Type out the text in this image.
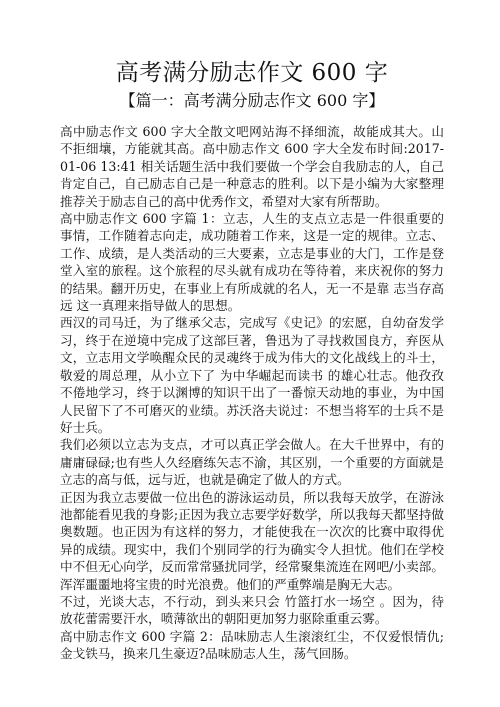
高考满分励志作文 600 字
【篇一：高考满分励志作文 600 字】

高中励志作文 600 字大全散文吧网站海不择细流，故能成其大。山不拒细壤，方能就其高。高中励志作文 600 字大全发布时间:2017-01-06 13:41 相关话题生活中我们要做一个学会自我励志的人，自己肯定自己，自己励志自己是一种意志的胜利。以下是小编为大家整理推荐关于励志自己的高中优秀作文，希望对大家有所帮助。

高中励志作文 600 字篇 1：立志，人生的支点立志是一件很重要的事情，工作随着志向走，成功随着工作来，这是一定的规律。立志、工作、成绩，是人类活动的三大要素，立志是事业的大门，工作是登堂入室的旅程。这个旅程的尽头就有成功在等待着，来庆祝你的努力的结果。翻开历史，在事业上有所成就的名人，无一不是靠 志当存高远 这一真理来指导做人的思想。

西汉的司马迁，为了继承父志，完成写《史记》的宏愿，自幼奋发学习，终于在逆境中完成了这部巨著，鲁迅为了寻找救国良方，弃医从文，立志用文学唤醒众民的灵魂终于成为伟大的文化战线上的斗士，敬爱的周总理，从小立下了 为中华崛起而读书 的雄心壮志。他孜孜不倦地学习，终于以渊博的知识干出了一番惊天动地的事业，为中国人民留下了不可磨灭的业绩。苏沃洛夫说过：不想当将军的士兵不是好士兵。

我们必须以立志为支点，才可以真正学会做人。在大千世界中，有的庸庸碌碌;也有些人久经磨练矢志不渝，其区别，一个重要的方面就是立志的高与低，远与近，也就是确定了做人的方式。

正因为我立志要做一位出色的游泳运动员，所以我每天放学，在游泳池都能看见我的身影;正因为我立志要学好数学，所以我每天都坚持做奥数题。也正因为有这样的努力，才能使我在一次次的比赛中取得优异的成绩。现实中，我们个别同学的行为确实令人担忧。他们在学校中不但无心向学，反而常常骚扰同学，经常聚集流连在网吧/小卖部。浑浑噩噩地将宝贵的时光浪费。他们的严重弊端是胸无大志。

不过，光谈大志，不行动，到头来只会 竹篮打水一场空 。因为，待放花蕾需要汗水，喷薄欲出的朝阳更加努力驱除重重云雾。

高中励志作文 600 字篇 2：品味励志人生滚滚红尘，不仅爱恨情仇;金戈铁马，换来几生豪迈?品味励志人生，荡气回肠。
